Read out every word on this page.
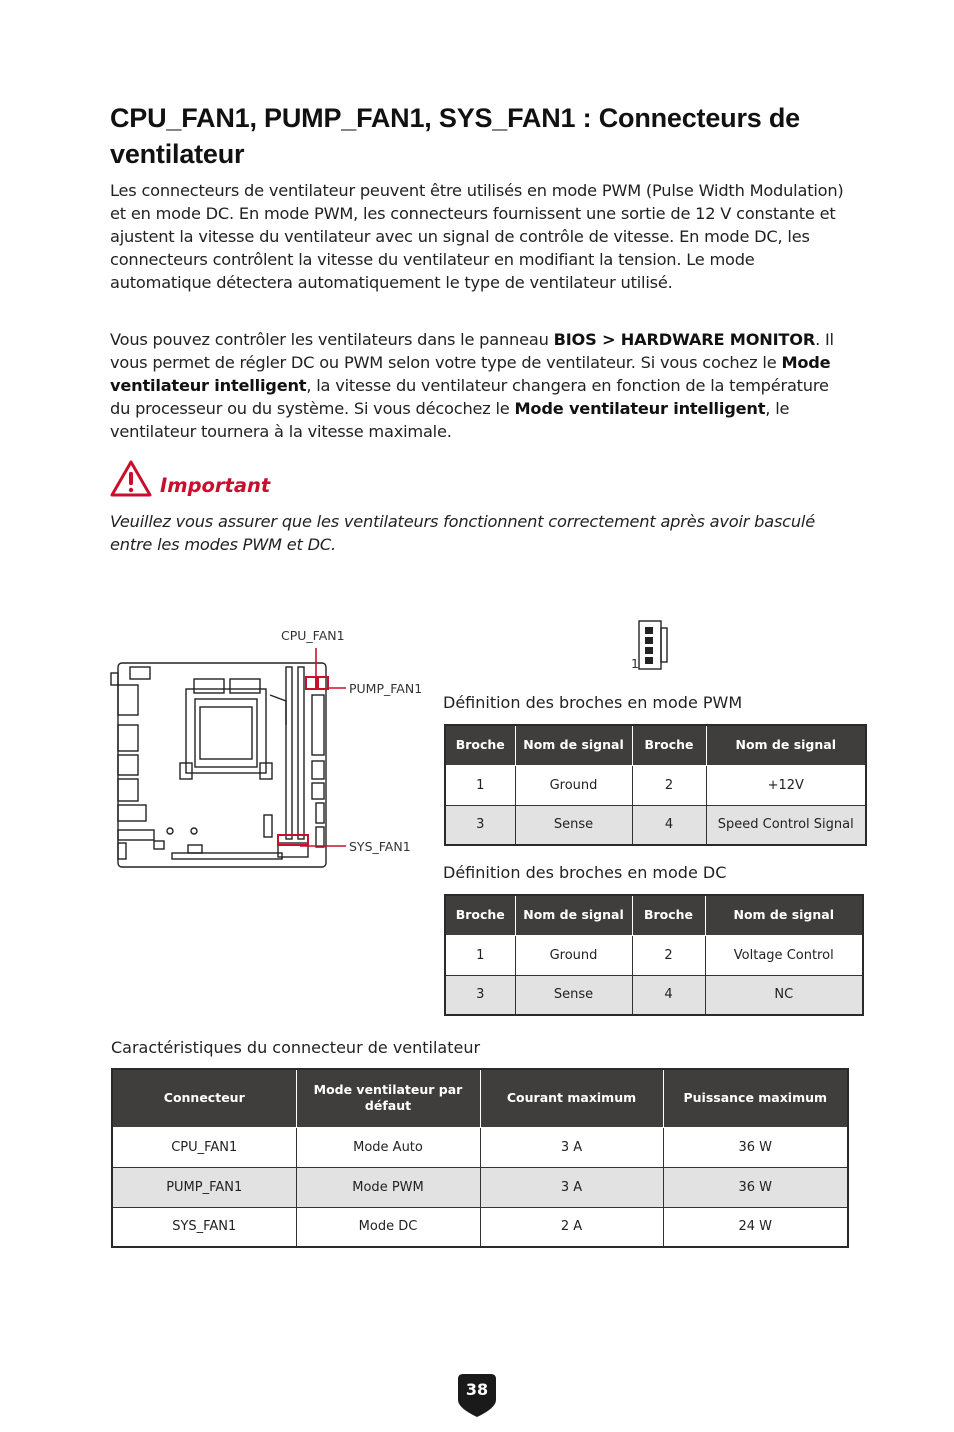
CPU_FAN1, PUMP_FAN1, SYS_FAN1 : Connecteurs de ventilateur
Les connecteurs de ventilateur peuvent être utilisés en mode PWM (Pulse Width Modulation) et en mode DC. En mode PWM, les connecteurs fournissent une sortie de 12 V constante et ajustent la vitesse du ventilateur avec un signal de contrôle de vitesse. En mode DC, les connecteurs contrôlent la vitesse du ventilateur en modifiant la tension. Le mode automatique détectera automatiquement le type de ventilateur utilisé.
Vous pouvez contrôler les ventilateurs dans le panneau BIOS > HARDWARE MONITOR. Il vous permet de régler DC ou PWM selon votre type de ventilateur. Si vous cochez le Mode ventilateur intelligent, la vitesse du ventilateur changera en fonction de la température du processeur ou du système. Si vous décochez le Mode ventilateur intelligent, le ventilateur tournera à la vitesse maximale.
Important
Veuillez vous assurer que les ventilateurs fonctionnent correctement après avoir basculé entre les modes PWM et DC.
CPU_FAN1
PUMP_FAN1
SYS_FAN1
1
Définition des broches en mode PWM
Broche	Nom de signal	Broche	Nom de signal
1	Ground	2	+12V
3	Sense	4	Speed Control Signal
Définition des broches en mode DC
Broche	Nom de signal	Broche	Nom de signal
1	Ground	2	Voltage Control
3	Sense	4	NC
Caractéristiques du connecteur de ventilateur
Connecteur	Mode ventilateur par défaut	Courant maximum	Puissance maximum
CPU_FAN1	Mode Auto	3 A	36 W
PUMP_FAN1	Mode PWM	3 A	36 W
SYS_FAN1	Mode DC	2 A	24 W
38
